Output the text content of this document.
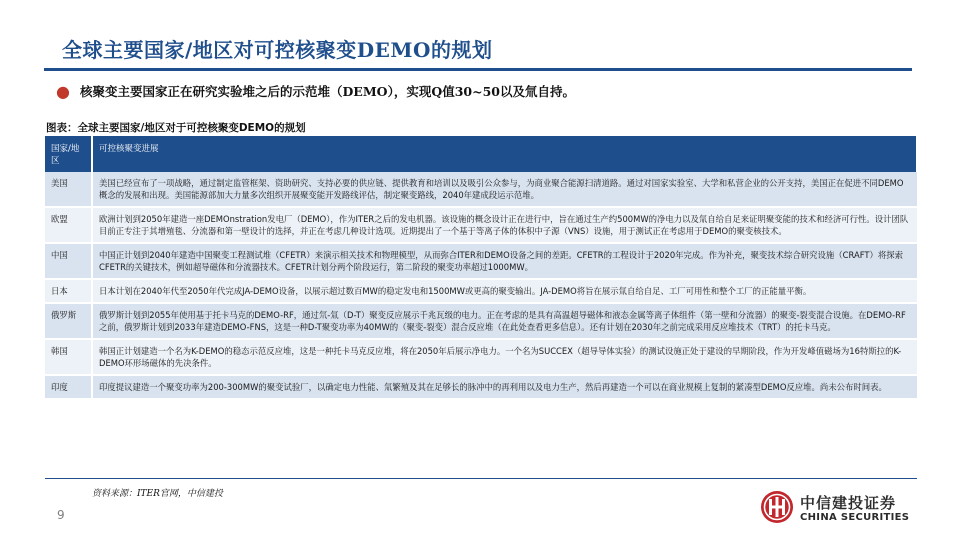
全球主要国家/地区对可控核聚变DEMO的规划
● 核聚变主要国家正在研究实验堆之后的示范堆（DEMO），实现Q值30~50以及氚自持。
图表：全球主要国家/地区对于可控核聚变DEMO的规划
国家/地区	可控核聚变进展
美国	美国已经宣布了一项战略，通过制定监管框架、资助研究、支持必要的供应链、提供教育和培训以及吸引公众参与，为商业聚合能源扫清道路。通过对国家实验室、大学和私营企业的公开支持，美国正在促进不同DEMO概念的发展和出现。美国能源部加大力量多次组织开展聚变能开发路线评估，制定聚变路线，2040年建成段运示范堆。
欧盟	欧洲计划到2050年建造一座DEMOnstration发电厂（DEMO），作为ITER之后的发电机器。该设施的概念设计正在进行中，旨在通过生产约500MW的净电力以及氚自给自足来证明聚变能的技术和经济可行性。设计团队目前正专注于其增殖毯、分流器和第一壁设计的选择，并正在考虑几种设计选项。近期提出了一个基于等离子体的体积中子源（VNS）设施，用于测试正在考虑用于DEMO的聚变核技术。
中国	中国正计划到2040年建造中国聚变工程测试堆（CFETR）来演示相关技术和物理模型，从而弥合ITER和DEMO设备之间的差距。CFETR的工程设计于2020年完成。作为补充，聚变技术综合研究设施（CRAFT）将探索CFETR的关键技术，例如超导磁体和分流器技术。CFETR计划分两个阶段运行，第二阶段的聚变功率超过1000MW。
日本	日本计划在2040年代至2050年代完成JA-DEMO设备，以展示超过数百MW的稳定发电和1500MW或更高的聚变输出。JA-DEMO将旨在展示氚自给自足、工厂可用性和整个工厂的正能量平衡。
俄罗斯	俄罗斯计划到2055年使用基于托卡马克的DEMO-RF，通过氘-氚（D-T）聚变反应展示千兆瓦级的电力。正在考虑的是具有高温超导磁体和液态金属等离子体组件（第一壁和分流器）的聚变-裂变混合设施。在DEMO-RF之前，俄罗斯计划到2033年建造DEMO-FNS，这是一种D-T聚变功率为40MW的（聚变-裂变）混合反应堆（在此处查看更多信息）。还有计划在2030年之前完成采用反应堆技术（TRT）的托卡马克。
韩国	韩国正计划建造一个名为K-DEMO的稳态示范反应堆，这是一种托卡马克反应堆，将在2050年后展示净电力。一个名为SUCCEX（超导导体实验）的测试设施正处于建设的早期阶段，作为开发峰值磁场为16特斯拉的K-DEMO环形场磁体的先决条件。
印度	印度提议建造一个聚变功率为200-300MW的聚变试验厂，以确定电力性能、氚繁殖及其在足够长的脉冲中的再利用以及电力生产，然后再建造一个可以在商业规模上复制的紧凑型DEMO反应堆。尚未公布时间表。
资料来源：ITER官网，中信建投
9
中信建投证券
CHINA SECURITIES
